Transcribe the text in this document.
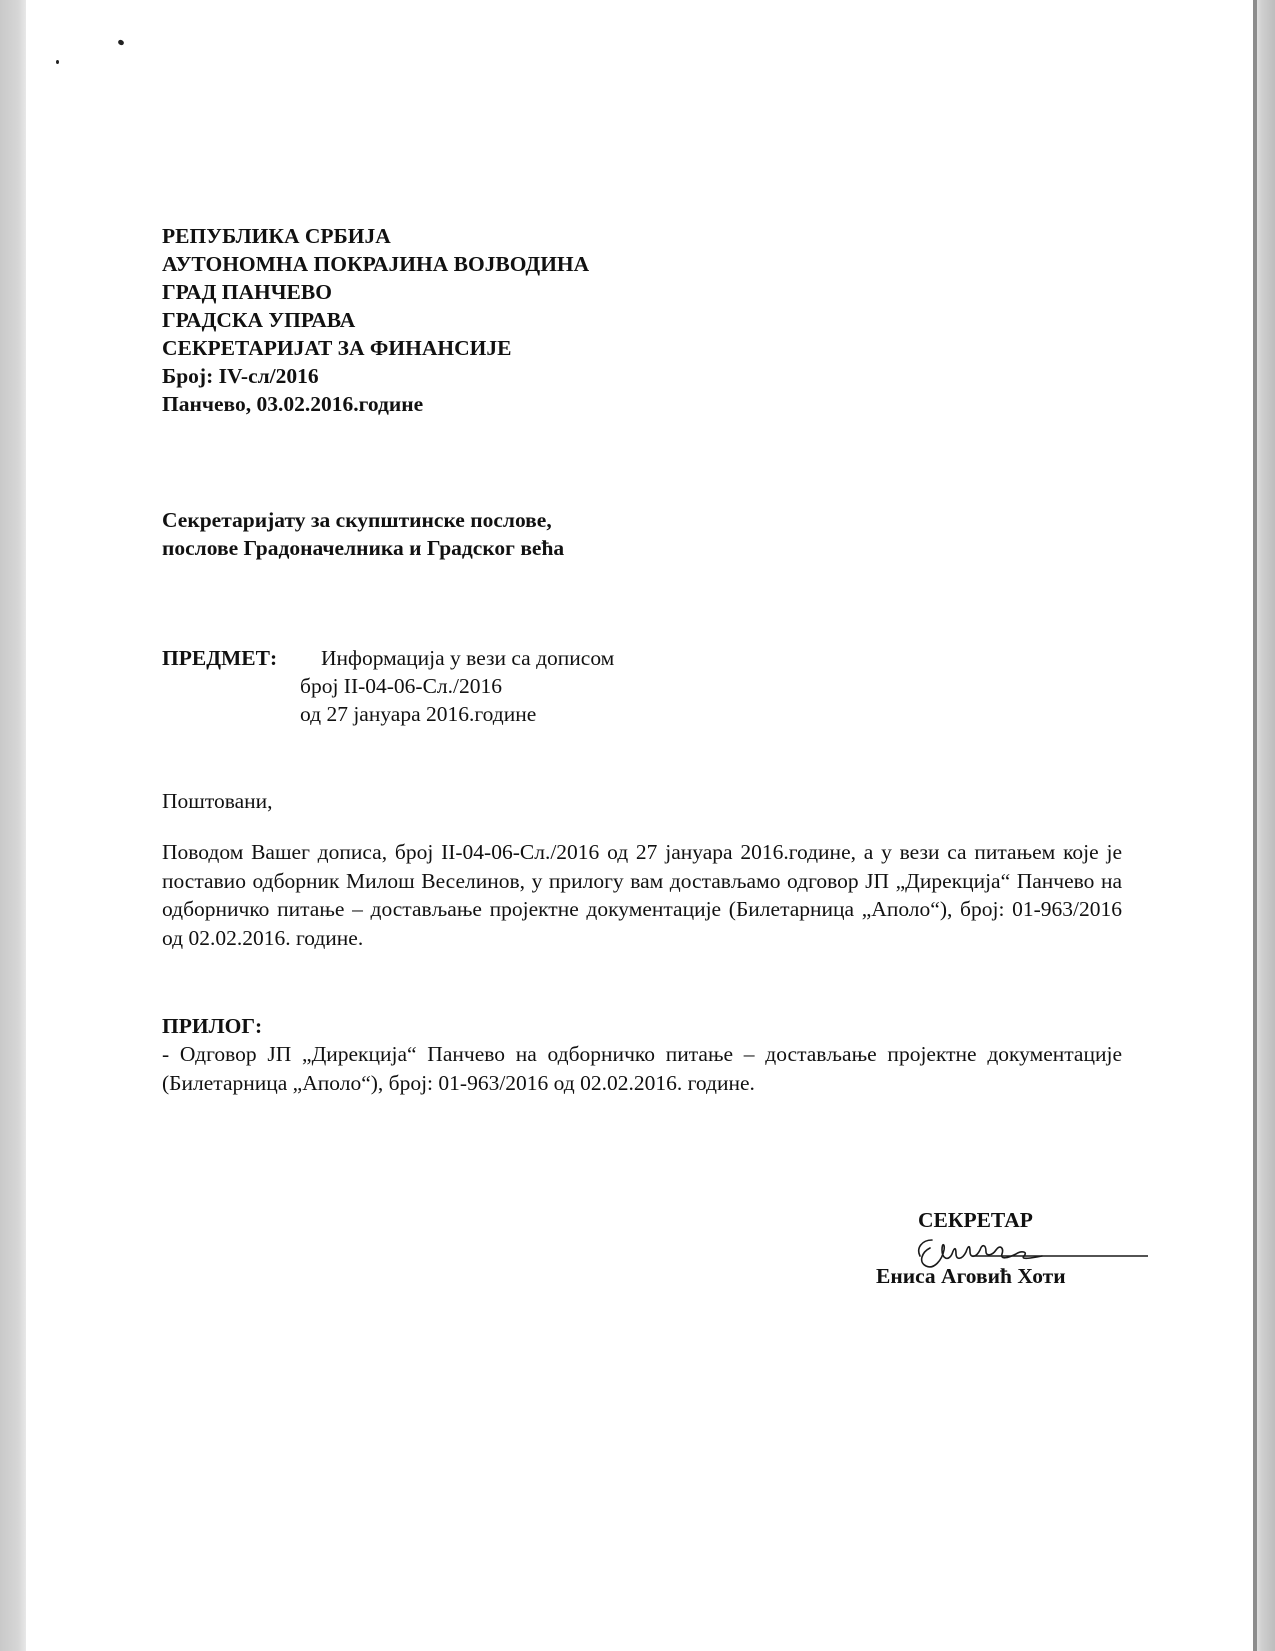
РЕПУБЛИКА СРБИЈА
АУТОНОМНА ПОКРАЈИНА ВОЈВОДИНА
ГРАД ПАНЧЕВО
ГРАДСКА УПРАВА
СЕКРЕТАРИЈАТ ЗА ФИНАНСИЈЕ
Број: IV-сл/2016
Панчево, 03.02.2016.године
Секретаријату за скупштинске послове,
послове Градоначелника и Градског већа
ПРЕДМЕТ: Информација у вези са дописом
број II-04-06-Сл./2016
од 27 јануара 2016.године
Поштовани,
Поводом Вашег дописа, број II-04-06-Сл./2016 од 27 јануара 2016.године, а у вези са питањем које је поставио одборник Милош Веселинов, у прилогу вам достављамо одговор ЈП „Дирекција“ Панчево на одборничко питање – достављање пројектне документације (Билетарница „Аполо“), број: 01-963/2016 од 02.02.2016. године.
ПРИЛОГ:
- Одговор ЈП „Дирекција“ Панчево на одборничко питање – достављање пројектне документације (Билетарница „Аполо“), број: 01-963/2016 од 02.02.2016. године.
СЕКРЕТАР
Ениса Аговић Хоти
